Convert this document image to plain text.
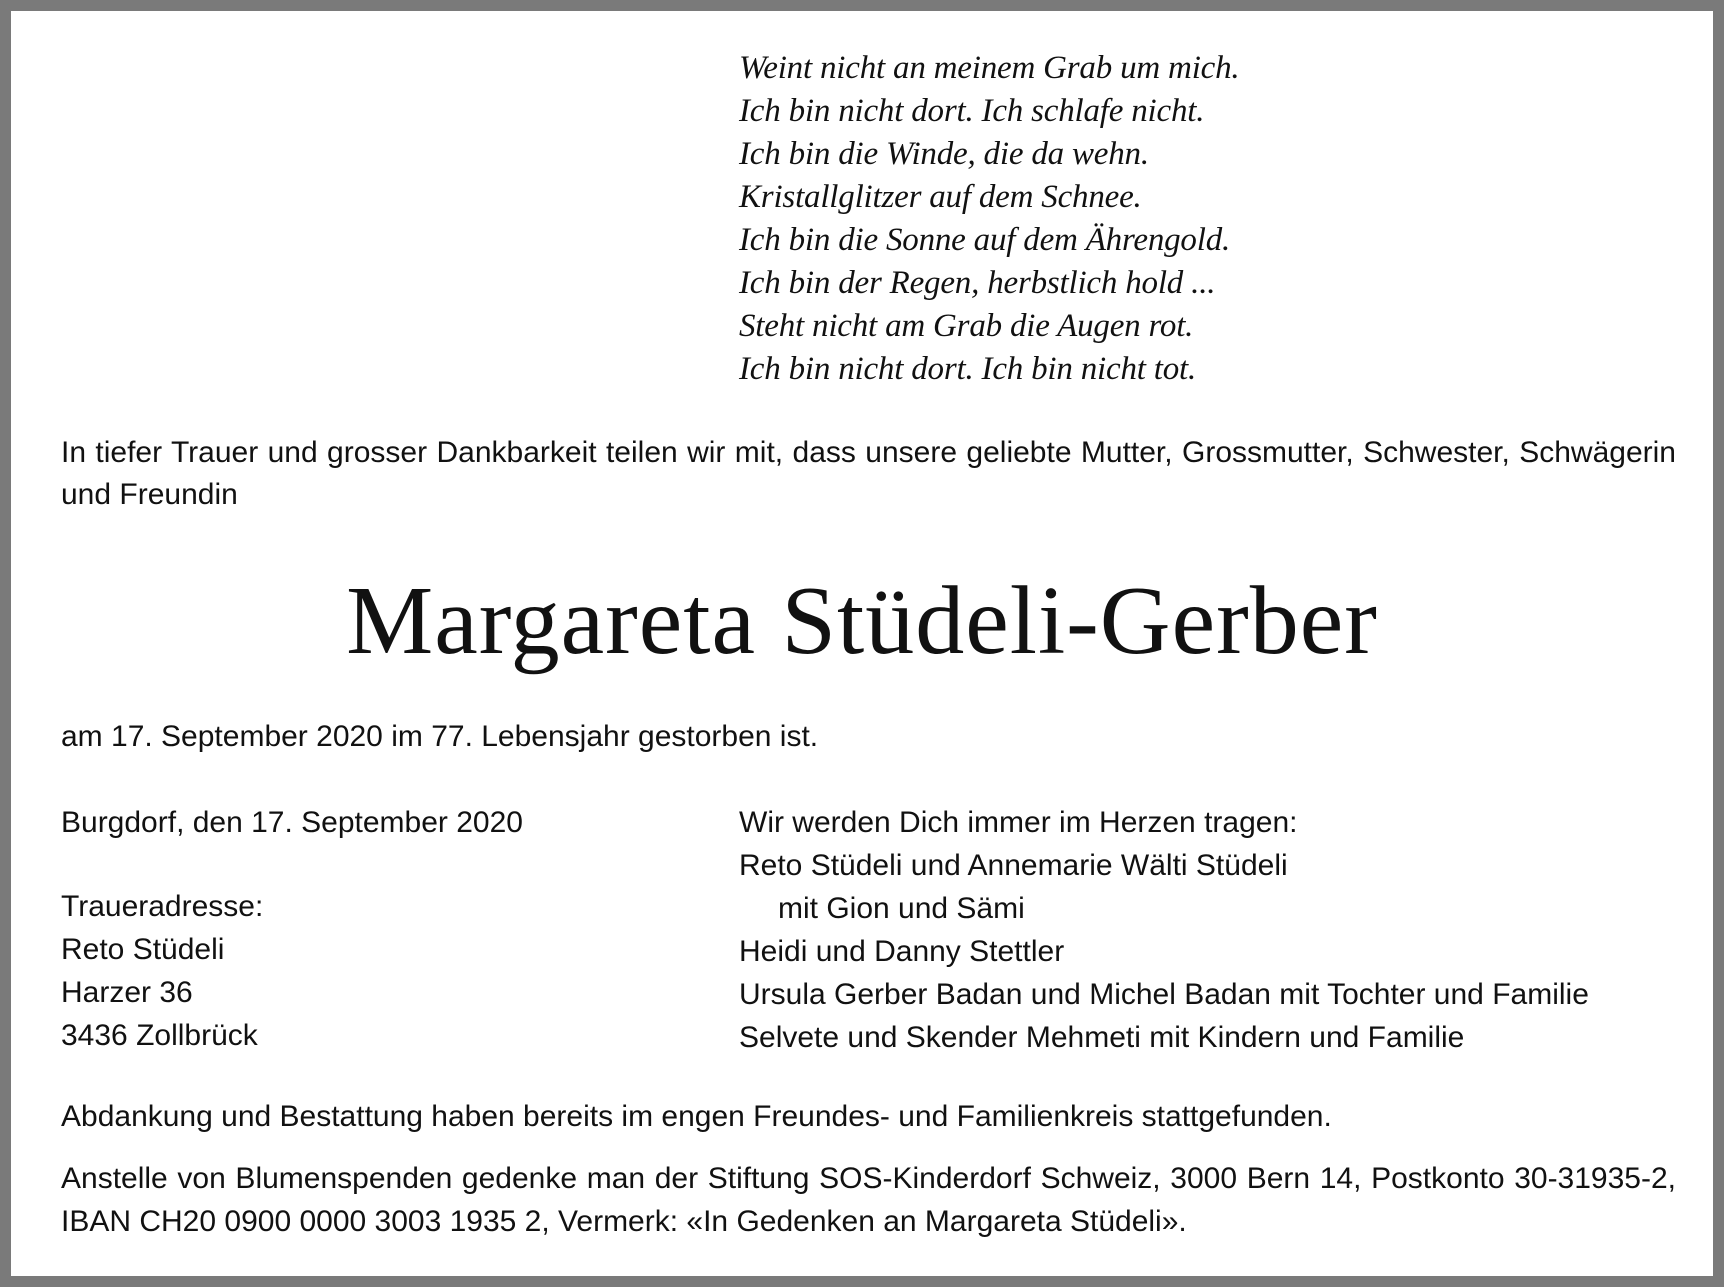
Weint nicht an meinem Grab um mich.
Ich bin nicht dort. Ich schlafe nicht.
Ich bin die Winde, die da wehn.
Kristallglitzer auf dem Schnee.
Ich bin die Sonne auf dem Ährengold.
Ich bin der Regen, herbstlich hold ...
Steht nicht am Grab die Augen rot.
Ich bin nicht dort. Ich bin nicht tot.
In tiefer Trauer und grosser Dankbarkeit teilen wir mit, dass unsere geliebte Mutter, Grossmutter, Schwester, Schwägerin und Freundin
Margareta Stüdeli-Gerber
am 17. September 2020 im 77. Lebensjahr gestorben ist.
Burgdorf, den 17. September 2020
Traueradresse:
Reto Stüdeli
Harzer 36
3436 Zollbrück
Wir werden Dich immer im Herzen tragen:
Reto Stüdeli und Annemarie Wälti Stüdeli
mit Gion und Sämi
Heidi und Danny Stettler
Ursula Gerber Badan und Michel Badan mit Tochter und Familie
Selvete und Skender Mehmeti mit Kindern und Familie
Abdankung und Bestattung haben bereits im engen Freundes- und Familienkreis stattgefunden.
Anstelle von Blumenspenden gedenke man der Stiftung SOS-Kinderdorf Schweiz, 3000 Bern 14, Postkonto 30-31935-2, IBAN CH20 0900 0000 3003 1935 2, Vermerk: «In Gedenken an Margareta Stüdeli».
